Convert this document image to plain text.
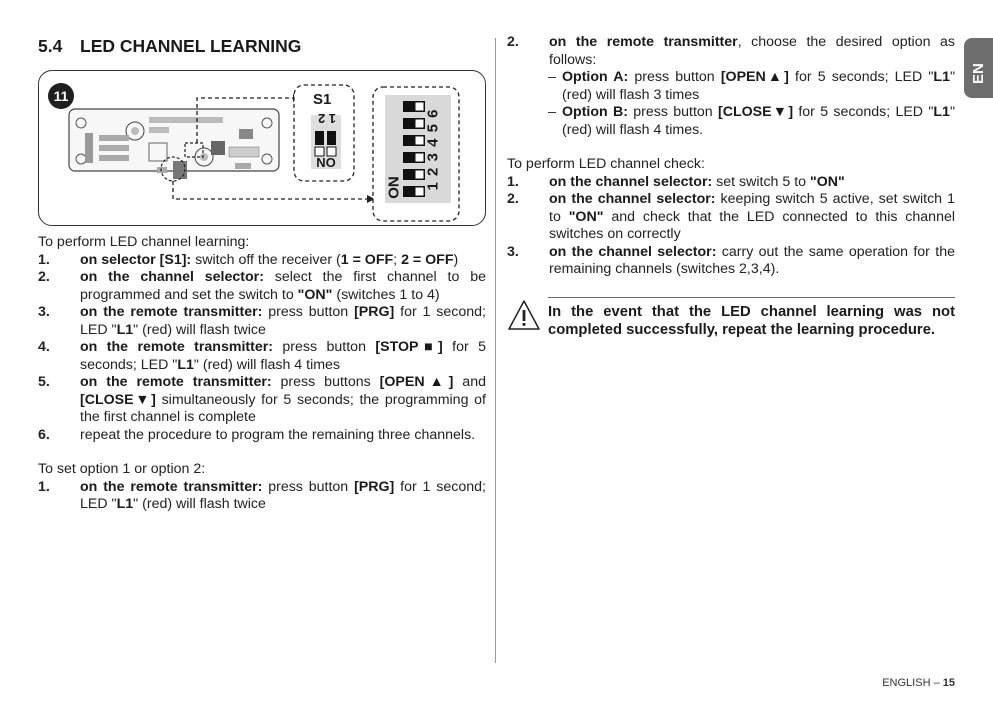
5.4 LED CHANNEL LEARNING
11	S1
1 2
ON
ON 1 2 3 4 5 6

To perform LED channel learning:

1. on selector [S1]: switch off the receiver (1 = OFF; 2 = OFF)
2. on the channel selector: select the first channel to be programmed and set the switch to "ON" (switches 1 to 4)
3. on the remote transmitter: press button [PRG] for 1 second; LED "L1" (red) will flash twice
4. on the remote transmitter: press button [STOP■] for 5 seconds; LED "L1" (red) will flash 4 times
5. on the remote transmitter: press buttons [OPEN▲] and [CLOSE▼] simultaneously for 5 seconds; the programming of the first channel is complete
6. repeat the procedure to program the remaining three channels.

To set option 1 or option 2:

1. on the remote transmitter: press button [PRG] for 1 second; LED "L1" (red) will flash twice
2. on the remote transmitter, choose the desired option as follows:
– Option A: press button [OPEN▲] for 5 seconds; LED "L1" (red) will flash 3 times
– Option B: press button [CLOSE▼] for 5 seconds; LED "L1" (red) will flash 4 times.

To perform LED channel check:

1. on the channel selector: set switch 5 to "ON"
2. on the channel selector: keeping switch 5 active, set switch 1 to "ON" and check that the LED connected to this channel switches on correctly
3. on the channel selector: carry out the same operation for the remaining channels (switches 2,3,4).
In the event that the LED channel learning was not completed successfully, repeat the learning procedure.
EN
ENGLISH – 15
